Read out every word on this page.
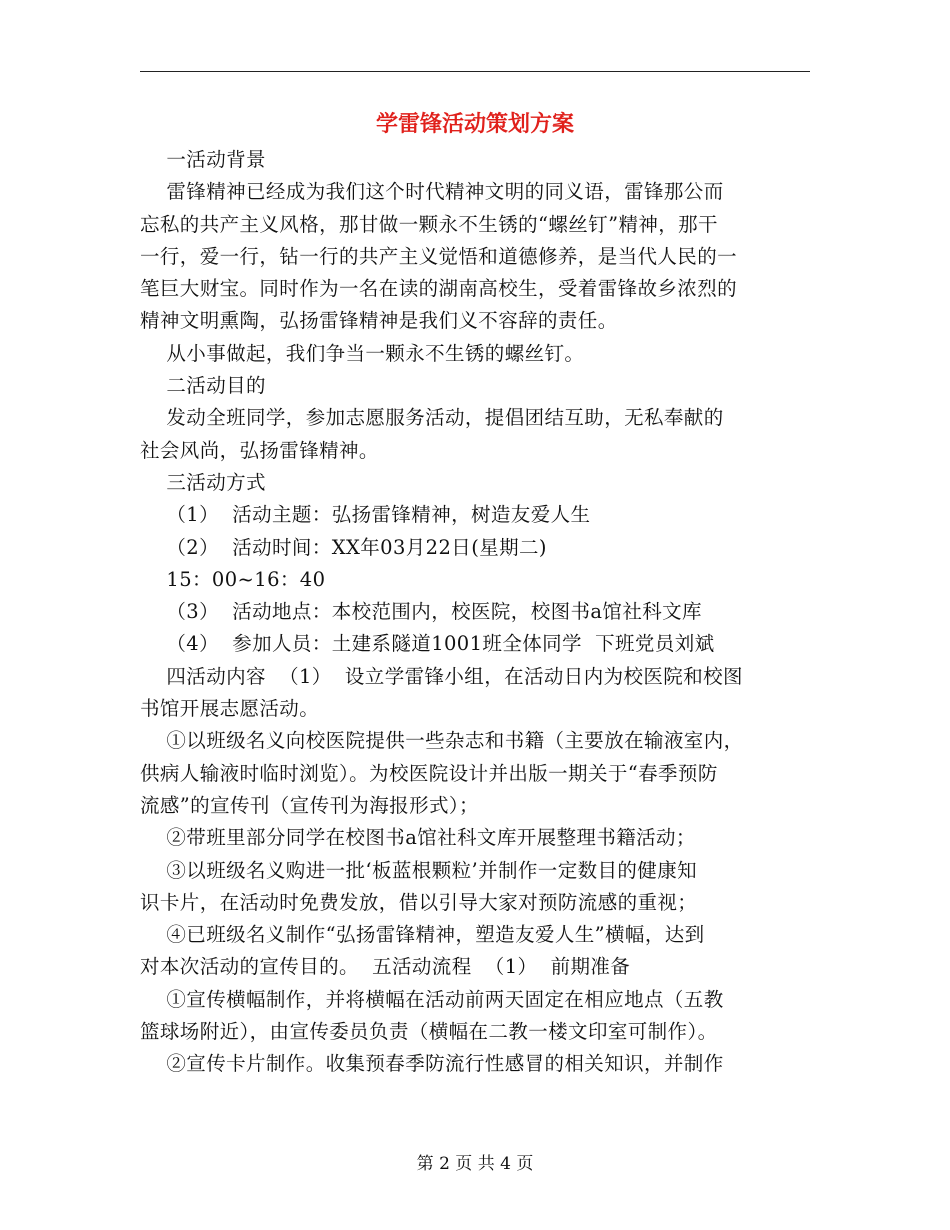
学雷锋活动策划方案

一活动背景

雷锋精神已经成为我们这个时代精神文明的同义语，雷锋那公而

忘私的共产主义风格，那甘做一颗永不生锈的“螺丝钉”精神，那干

一行，爱一行，钻一行的共产主义觉悟和道德修养，是当代人民的一

笔巨大财宝。同时作为一名在读的湖南高校生，受着雷锋故乡浓烈的

精神文明熏陶，弘扬雷锋精神是我们义不容辞的责任。

从小事做起，我们争当一颗永不生锈的螺丝钉。

二活动目的

发动全班同学，参加志愿服务活动，提倡团结互助，无私奉献的

社会风尚，弘扬雷锋精神。

三活动方式

（1）  活动主题：弘扬雷锋精神，树造友爱人生

（2）  活动时间：XX年03月22日(星期二)

15：00~16：40

（3）  活动地点：本校范围内，校医院，校图书a馆社科文库

（4）  参加人员：土建系隧道1001班全体同学  下班党员刘斌

四活动内容  （1）  设立学雷锋小组，在活动日内为校医院和校图

书馆开展志愿活动。

①以班级名义向校医院提供一些杂志和书籍（主要放在输液室内，

供病人输液时临时浏览）。为校医院设计并出版一期关于“春季预防

流感”的宣传刊（宣传刊为海报形式）；

②带班里部分同学在校图书a馆社科文库开展整理书籍活动；

③以班级名义购进一批‘板蓝根颗粒’并制作一定数目的健康知

识卡片，在活动时免费发放，借以引导大家对预防流感的重视；

④已班级名义制作“弘扬雷锋精神，塑造友爱人生”横幅，达到

对本次活动的宣传目的。  五活动流程  （1）  前期准备

①宣传横幅制作，并将横幅在活动前两天固定在相应地点（五教

篮球场附近），由宣传委员负责（横幅在二教一楼文印室可制作）。

②宣传卡片制作。收集预春季防流行性感冒的相关知识，并制作

第 2 页 共 4 页
